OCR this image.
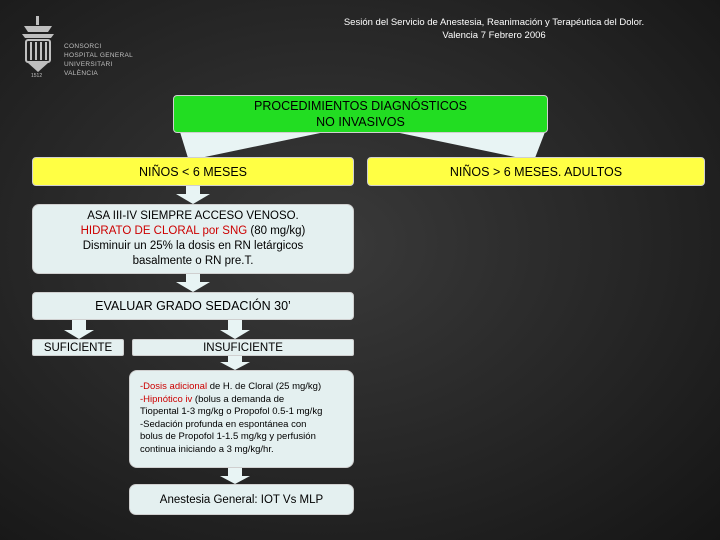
Sesión del Servicio de Anestesia, Reanimación y Terapéutica del Dolor.
Valencia 7 Febrero 2006
CONSORCI
HOSPITAL GENERAL
UNIVERSITARI
VALÈNCIA
1512
PROCEDIMIENTOS DIAGNÓSTICOS
NO INVASIVOS
NIÑOS < 6 MESES	NIÑOS > 6 MESES. ADULTOS
ASA III-IV SIEMPRE ACCESO VENOSO.
HIDRATO DE CLORAL por SNG (80 mg/kg)
Disminuir un 25% la dosis en RN letárgicos
basalmente o RN pre.T.
EVALUAR GRADO SEDACIÓN 30’
SUFICIENTE	INSUFICIENTE
-Dosis adicional de H. de Cloral (25 mg/kg)
-Hipnótico iv (bolus a demanda de
Tiopental 1-3 mg/kg o Propofol 0.5-1 mg/kg
-Sedación profunda en espontánea con
bolus de Propofol 1-1.5 mg/kg y perfusión
continua iniciando a 3 mg/kg/hr.
Anestesia General: IOT Vs MLP
